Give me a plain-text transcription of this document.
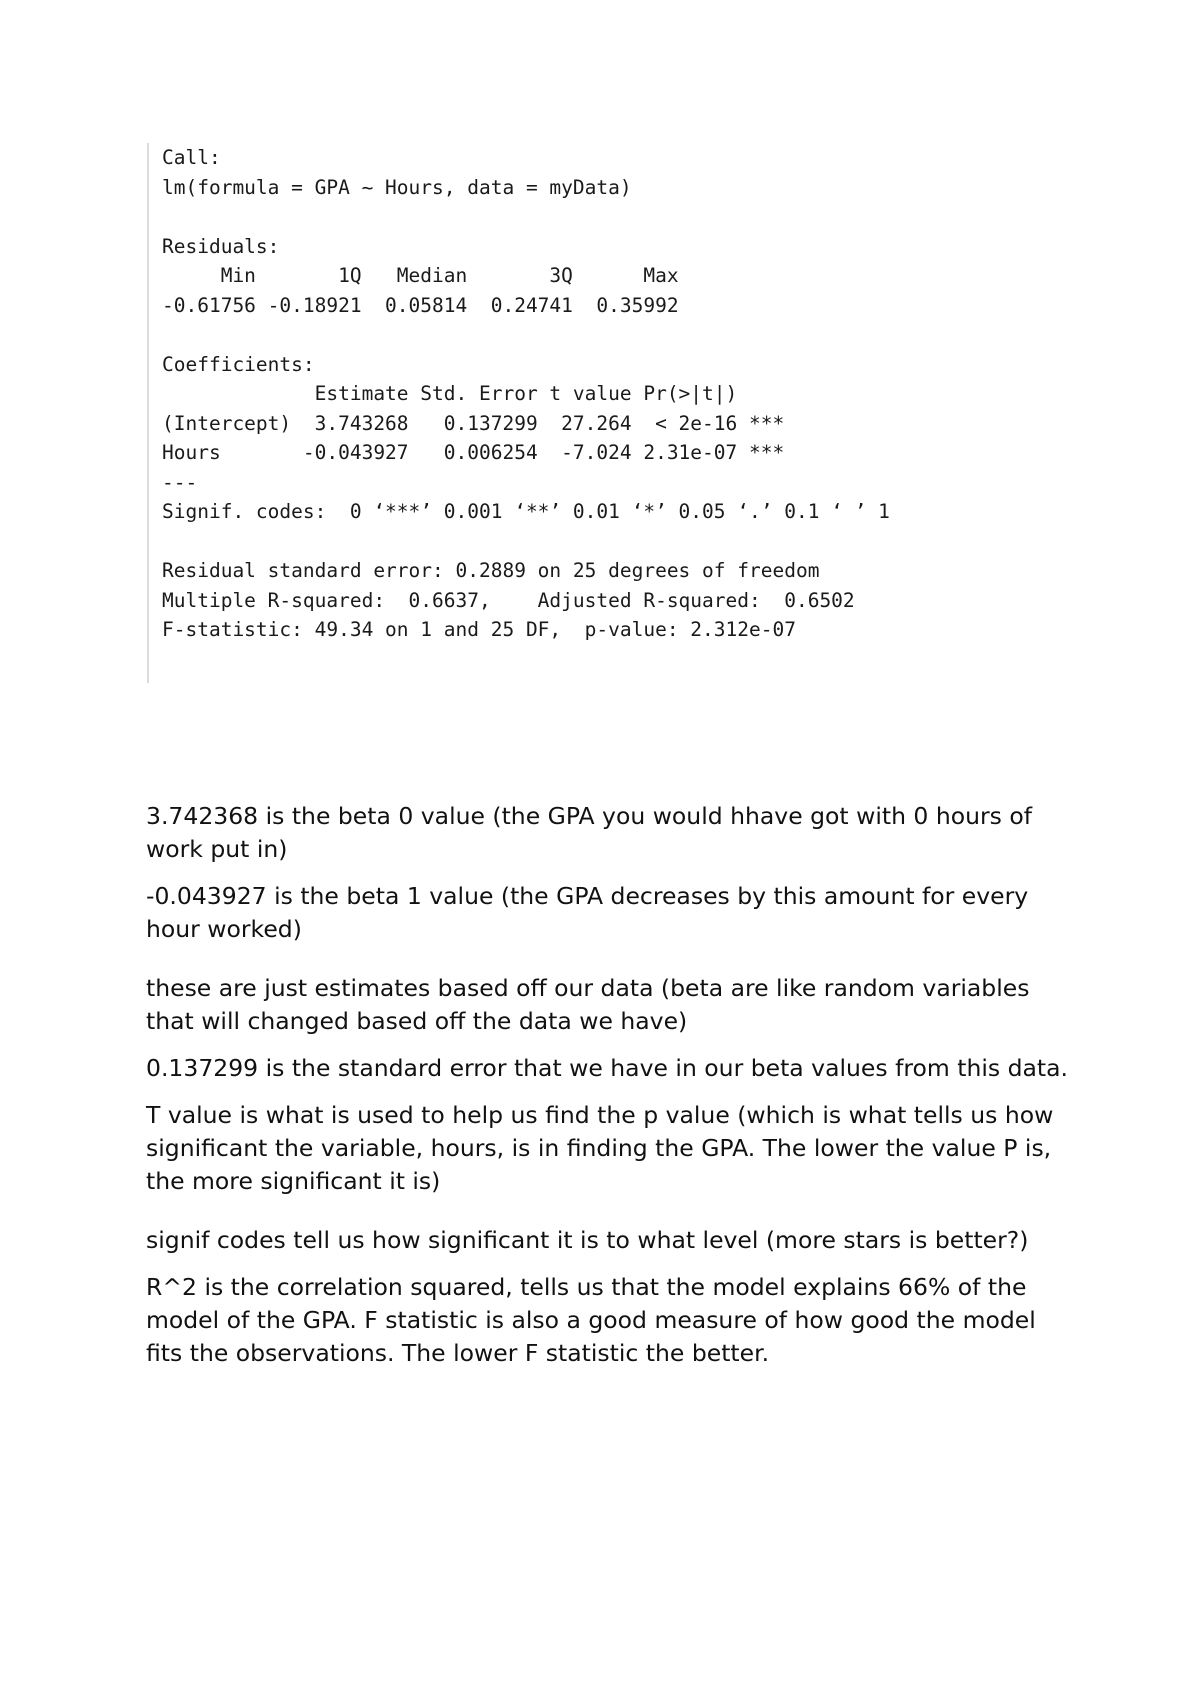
Call:
lm(formula = GPA ~ Hours, data = myData)
Residuals:
Min       1Q   Median       3Q      Max
-0.61756 -0.18921  0.05814  0.24741  0.35992
Coefficients:
Estimate Std. Error t value Pr(>|t|)
(Intercept)  3.743268   0.137299  27.264  < 2e-16 ***
Hours       -0.043927   0.006254  -7.024 2.31e-07 ***
---
Signif. codes:  0 ‘***’ 0.001 ‘**’ 0.01 ‘*’ 0.05 ‘.’ 0.1 ‘ ’ 1
Residual standard error: 0.2889 on 25 degrees of freedom
Multiple R-squared:  0.6637,    Adjusted R-squared:  0.6502
F-statistic: 49.34 on 1 and 25 DF,  p-value: 2.312e-07

3.742368 is the beta 0 value (the GPA you would hhave got with 0 hours of work put in)

-0.043927 is the beta 1 value (the GPA decreases by this amount for every hour worked)

these are just estimates based off our data (beta are like random variables that will changed based off the data we have)

0.137299 is the standard error that we have in our beta values from this data.

T value is what is used to help us find the p value (which is what tells us how significant the variable, hours, is in finding the GPA. The lower the value P is, the more significant it is)

signif codes tell us how significant it is to what level (more stars is better?)

R^2 is the correlation squared, tells us that the model explains 66% of the model of the GPA. F statistic is also a good measure of how good the model fits the observations. The lower F statistic the better.
